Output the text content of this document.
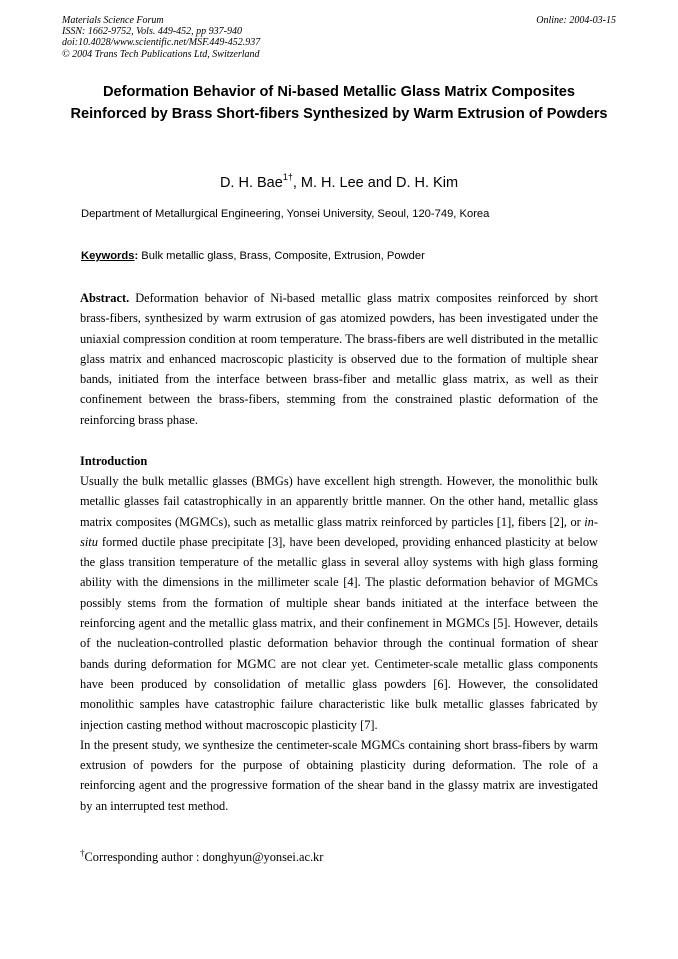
Materials Science Forum
ISSN: 1662-9752, Vols. 449-452, pp 937-940
doi:10.4028/www.scientific.net/MSF.449-452.937
© 2004 Trans Tech Publications Ltd, Switzerland
Online: 2004-03-15
Deformation Behavior of Ni-based Metallic Glass Matrix Composites Reinforced by Brass Short-fibers Synthesized by Warm Extrusion of Powders
D. H. Bae$^{1\dagger}$, M. H. Lee and D. H. Kim
Department of Metallurgical Engineering, Yonsei University, Seoul, 120-749, Korea
Keywords: Bulk metallic glass, Brass, Composite, Extrusion, Powder
Abstract. Deformation behavior of Ni-based metallic glass matrix composites reinforced by short brass-fibers, synthesized by warm extrusion of gas atomized powders, has been investigated under the uniaxial compression condition at room temperature. The brass-fibers are well distributed in the metallic glass matrix and enhanced macroscopic plasticity is observed due to the formation of multiple shear bands, initiated from the interface between brass-fiber and metallic glass matrix, as well as their confinement between the brass-fibers, stemming from the constrained plastic deformation of the reinforcing brass phase.
Introduction

Usually the bulk metallic glasses (BMGs) have excellent high strength. However, the monolithic bulk metallic glasses fail catastrophically in an apparently brittle manner. On the other hand, metallic glass matrix composites (MGMCs), such as metallic glass matrix reinforced by particles [1], fibers [2], or in-situ formed ductile phase precipitate [3], have been developed, providing enhanced plasticity at below the glass transition temperature of the metallic glass in several alloy systems with high glass forming ability with the dimensions in the millimeter scale [4]. The plastic deformation behavior of MGMCs possibly stems from the formation of multiple shear bands initiated at the interface between the reinforcing agent and the metallic glass matrix, and their confinement in MGMCs [5]. However, details of the nucleation-controlled plastic deformation behavior through the continual formation of shear bands during deformation for MGMC are not clear yet. Centimeter-scale metallic glass components have been produced by consolidation of metallic glass powders [6]. However, the consolidated monolithic samples have catastrophic failure characteristic like bulk metallic glasses fabricated by injection casting method without macroscopic plasticity [7].

In the present study, we synthesize the centimeter-scale MGMCs containing short brass-fibers by warm extrusion of powders for the purpose of obtaining plasticity during deformation. The role of a reinforcing agent and the progressive formation of the shear band in the glassy matrix are investigated by an interrupted test method.

†Corresponding author : donghyun@yonsei.ac.kr
